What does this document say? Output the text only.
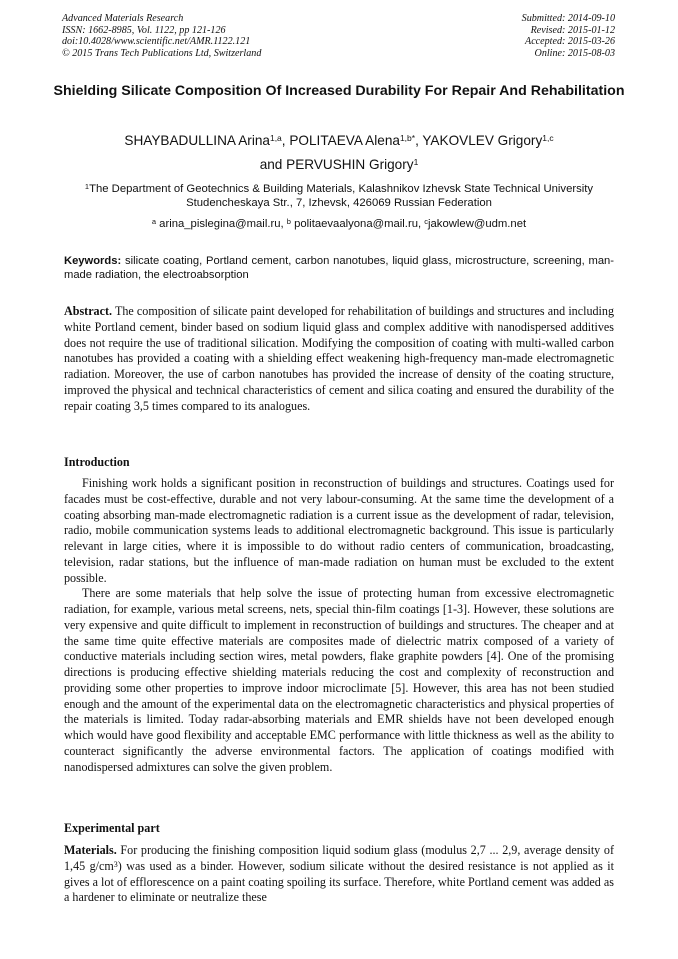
Advanced Materials Research
ISSN: 1662-8985, Vol. 1122, pp 121-126
doi:10.4028/www.scientific.net/AMR.1122.121
© 2015 Trans Tech Publications Ltd, Switzerland
Submitted: 2014-09-10
Revised: 2015-01-12
Accepted: 2015-03-26
Online: 2015-08-03
Shielding Silicate Composition Of Increased Durability For Repair And Rehabilitation
SHAYBADULLINA Arina$^{1,a}$, POLITAEVA Alena$^{1,b*}$, YAKOVLEV Grigory$^{1,c}$
and PERVUSHIN Grigory$^1$
$^1$The Department of Geotechnics & Building Materials, Kalashnikov Izhevsk State Technical University Studencheskaya Str., 7, Izhevsk, 426069 Russian Federation
$^a$ arina_pislegina@mail.ru, $^b$ politaevaalyona@mail.ru, $^c$jakowlew@udm.net
Keywords: silicate coating, Portland cement, carbon nanotubes, liquid glass, microstructure, screening, man-made radiation, the electroabsorption
Abstract. The composition of silicate paint developed for rehabilitation of buildings and structures and including white Portland cement, binder based on sodium liquid glass and complex additive with nanodispersed additives does not require the use of traditional silication. Modifying the composition of coating with multi-walled carbon nanotubes has provided a coating with a shielding effect weakening high-frequency man-made electromagnetic radiation. Moreover, the use of carbon nanotubes has provided the increase of density of the coating structure, improved the physical and technical characteristics of cement and silica coating and ensured the durability of the repair coating 3,5 times compared to its analogues.
Introduction

Finishing work holds a significant position in reconstruction of buildings and structures. Coatings used for facades must be cost-effective, durable and not very labour-consuming. At the same time the development of a coating absorbing man-made electromagnetic radiation is a current issue as the development of radar, television, radio, mobile communication systems leads to additional electromagnetic background. This issue is particularly relevant in large cities, where it is impossible to do without radio centers of communication, broadcasting, television, radar stations, but the influence of man-made radiation on human must be excluded to the extent possible.

There are some materials that help solve the issue of protecting human from excessive electromagnetic radiation, for example, various metal screens, nets, special thin-film coatings [1-3]. However, these solutions are very expensive and quite difficult to implement in reconstruction of buildings and structures. The cheaper and at the same time quite effective materials are composites made of dielectric matrix composed of a variety of conductive materials including section wires, metal powders, flake graphite powders [4]. One of the promising directions is producing effective shielding materials reducing the cost and complexity of reconstruction and providing some other properties to improve indoor microclimate [5]. However, this area has not been studied enough and the amount of the experimental data on the electromagnetic characteristics and physical properties of the materials is limited. Today radar-absorbing materials and EMR shields have not been developed enough which would have good flexibility and acceptable EMC performance with little thickness as well as the ability to counteract significantly the adverse environmental factors. The application of coatings modified with nanodispersed admixtures can solve the given problem.

Experimental part
Materials. For producing the finishing composition liquid sodium glass (modulus 2,7 ... 2,9, average density of 1,45 $g/cm^3$) was used as a binder. However, sodium silicate without the desired resistance is not applied as it gives a lot of efflorescence on a paint coating spoiling its surface. Therefore, white Portland cement was added as a hardener to eliminate or neutralize these
